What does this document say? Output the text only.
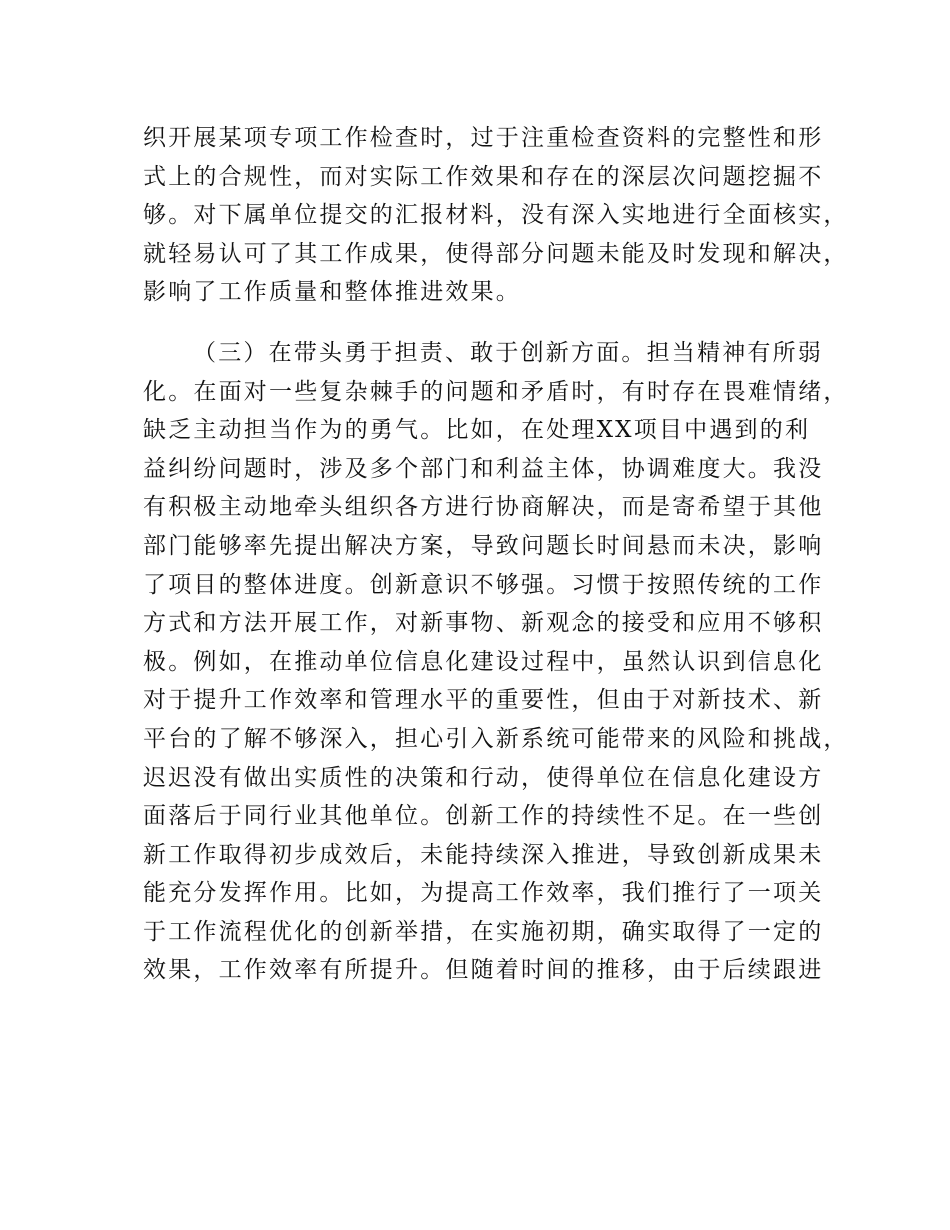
织开展某项专项工作检查时，过于注重检查资料的完整性和形
式上的合规性，而对实际工作效果和存在的深层次问题挖掘不
够。对下属单位提交的汇报材料，没有深入实地进行全面核实，
就轻易认可了其工作成果，使得部分问题未能及时发现和解决，
影响了工作质量和整体推进效果。
（三）在带头勇于担责、敢于创新方面。担当精神有所弱
化。在面对一些复杂棘手的问题和矛盾时，有时存在畏难情绪，
缺乏主动担当作为的勇气。比如，在处理XX项目中遇到的利
益纠纷问题时，涉及多个部门和利益主体，协调难度大。我没
有积极主动地牵头组织各方进行协商解决，而是寄希望于其他
部门能够率先提出解决方案，导致问题长时间悬而未决，影响
了项目的整体进度。创新意识不够强。习惯于按照传统的工作
方式和方法开展工作，对新事物、新观念的接受和应用不够积
极。例如，在推动单位信息化建设过程中，虽然认识到信息化
对于提升工作效率和管理水平的重要性，但由于对新技术、新
平台的了解不够深入，担心引入新系统可能带来的风险和挑战，
迟迟没有做出实质性的决策和行动，使得单位在信息化建设方
面落后于同行业其他单位。创新工作的持续性不足。在一些创
新工作取得初步成效后，未能持续深入推进，导致创新成果未
能充分发挥作用。比如，为提高工作效率，我们推行了一项关
于工作流程优化的创新举措，在实施初期，确实取得了一定的
效果，工作效率有所提升。但随着时间的推移，由于后续跟进
